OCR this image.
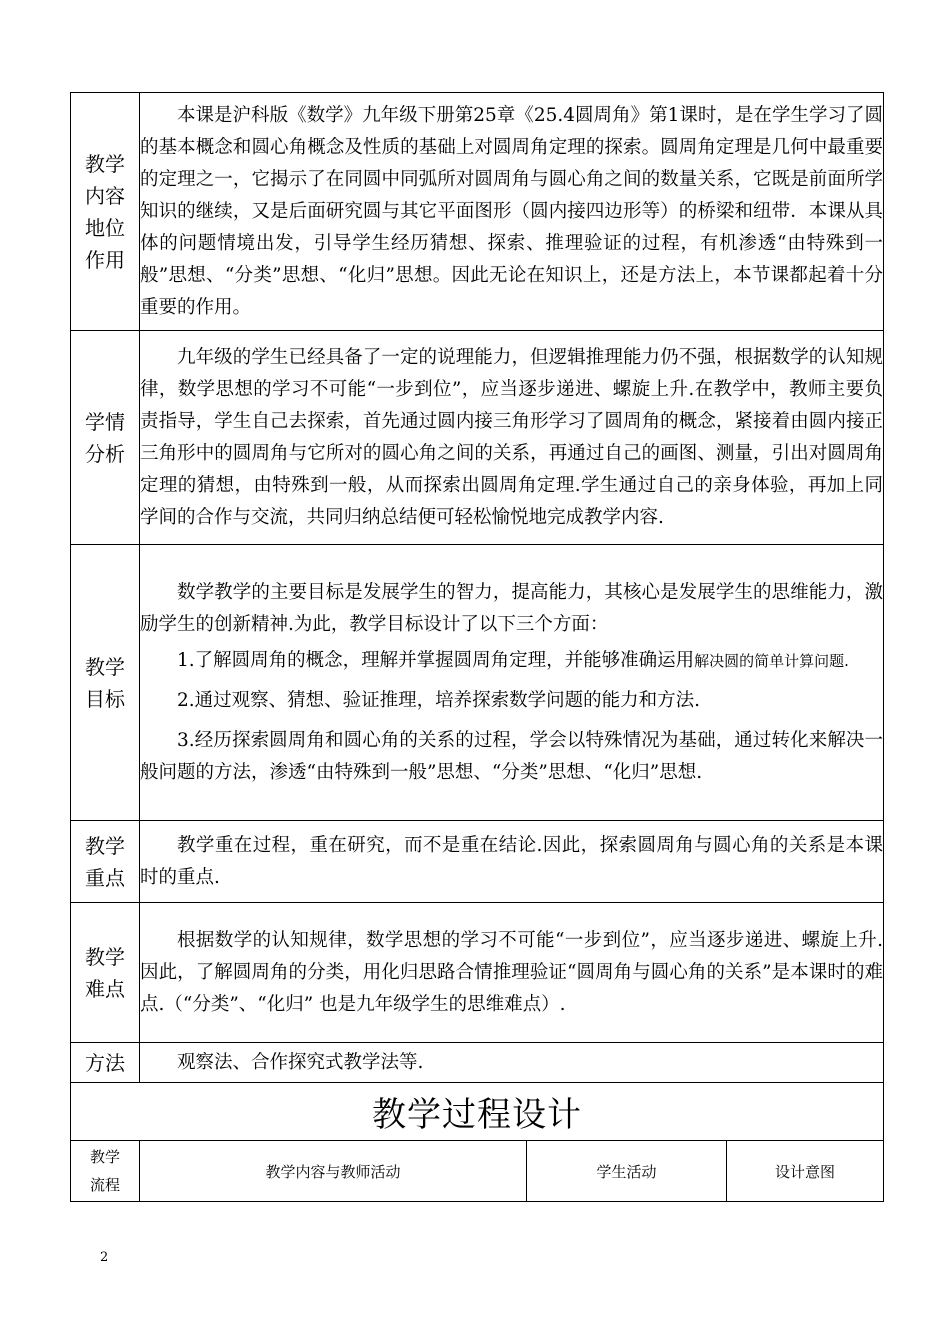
教学内容地位作用	本课是沪科版《数学》九年级下册第25章《25.4圆周角》第1课时，是在学生学习了圆的基本概念和圆心角概念及性质的基础上对圆周角定理的探索。圆周角定理是几何中最重要的定理之一，它揭示了在同圆中同弧所对圆周角与圆心角之间的数量关系，它既是前面所学知识的继续，又是后面研究圆与其它平面图形（圆内接四边形等）的桥梁和纽带．本课从具体的问题情境出发，引导学生经历猜想、探索、推理验证的过程，有机渗透“由特殊到一般”思想、“分类”思想、“化归”思想。因此无论在知识上，还是方法上，本节课都起着十分重要的作用。		

学情分析	九年级的学生已经具备了一定的说理能力，但逻辑推理能力仍不强，根据数学的认知规律，数学思想的学习不可能“一步到位”，应当逐步递进、螺旋上升.在教学中，教师主要负责指导，学生自己去探索，首先通过圆内接三角形学习了圆周角的概念，紧接着由圆内接正三角形中的圆周角与它所对的圆心角之间的关系，再通过自己的画图、测量，引出对圆周角定理的猜想，由特殊到一般，从而探索出圆周角定理.学生通过自己的亲身体验，再加上同学间的合作与交流，共同归纳总结便可轻松愉悦地完成教学内容.		

教学目标	数学教学的主要目标是发展学生的智力，提高能力，其核心是发展学生的思维能力，激励学生的创新精神.为此，教学目标设计了以下三个方面：

1.了解圆周角的概念，理解并掌握圆周角定理，并能够准确运用解决圆的简单计算问题.

2.通过观察、猜想、验证推理，培养探索数学问题的能力和方法.

3.经历探索圆周角和圆心角的关系的过程，学会以特殊情况为基础，通过转化来解决一般问题的方法，渗透“由特殊到一般”思想、“分类”思想、“化归”思想.		

教学重点	教学重在过程，重在研究，而不是重在结论.因此，探索圆周角与圆心角的关系是本课时的重点.		

教学难点	根据数学的认知规律，数学思想的学习不可能“一步到位”，应当逐步递进、螺旋上升.因此，了解圆周角的分类，用化归思路合情推理验证“圆周角与圆心角的关系”是本课时的难点.（“分类”、“化归” 也是九年级学生的思维难点）.		

方法	观察法、合作探究式教学法等.		

教学过程设计			

教学
流程	教学内容与教师活动	学生活动	设计意图
2
